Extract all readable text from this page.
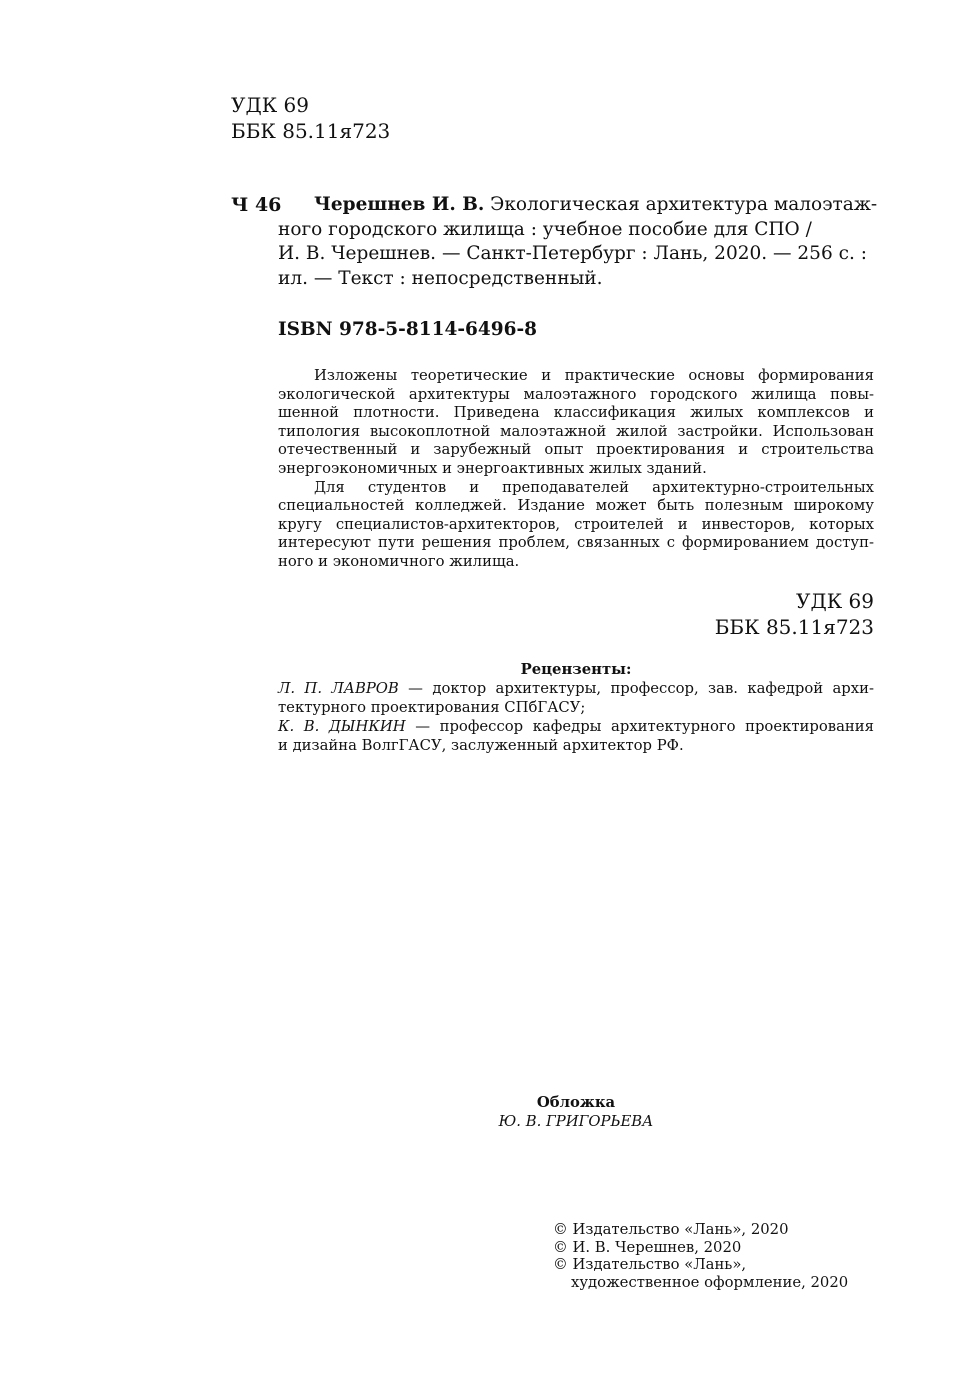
УДК 69
ББК 85.11я723
Ч 46 Черешнев И. В. Экологическая архитектура малоэтаж-
ного городского жилища : учебное пособие для СПО /
И. В. Черешнев. — Санкт-Петербург : Лань, 2020. — 256 с. :
ил. — Текст : непосредственный.
ISBN 978-5-8114-6496-8
Изложены теоретические и практические основы формирования
экологической архитектуры малоэтажного городского жилища повы-
шенной плотности. Приведена классификация жилых комплексов и
типология высокоплотной малоэтажной жилой застройки. Использован
отечественный и зарубежный опыт проектирования и строительства
энергоэкономичных и энергоактивных жилых зданий.
Для студентов и преподавателей архитектурно-строительных
специальностей колледжей. Издание может быть полезным широкому
кругу специалистов-архитекторов, строителей и инвесторов, которых
интересуют пути решения проблем, связанных с формированием доступ-
ного и экономичного жилища.
УДК 69
ББК 85.11я723
Рецензенты:
Л. П. ЛАВРОВ — доктор архитектуры, профессор, зав. кафедрой архи-
тектурного проектирования СПбГАСУ;
К. В. ДЫНКИН — профессор кафедры архитектурного проектирования
и дизайна ВолгГАСУ, заслуженный архитектор РФ.
Обложка
Ю. В. ГРИГОРЬЕВА
© Издательство «Лань», 2020
© И. В. Черешнев, 2020
© Издательство «Лань»,
художественное оформление, 2020
